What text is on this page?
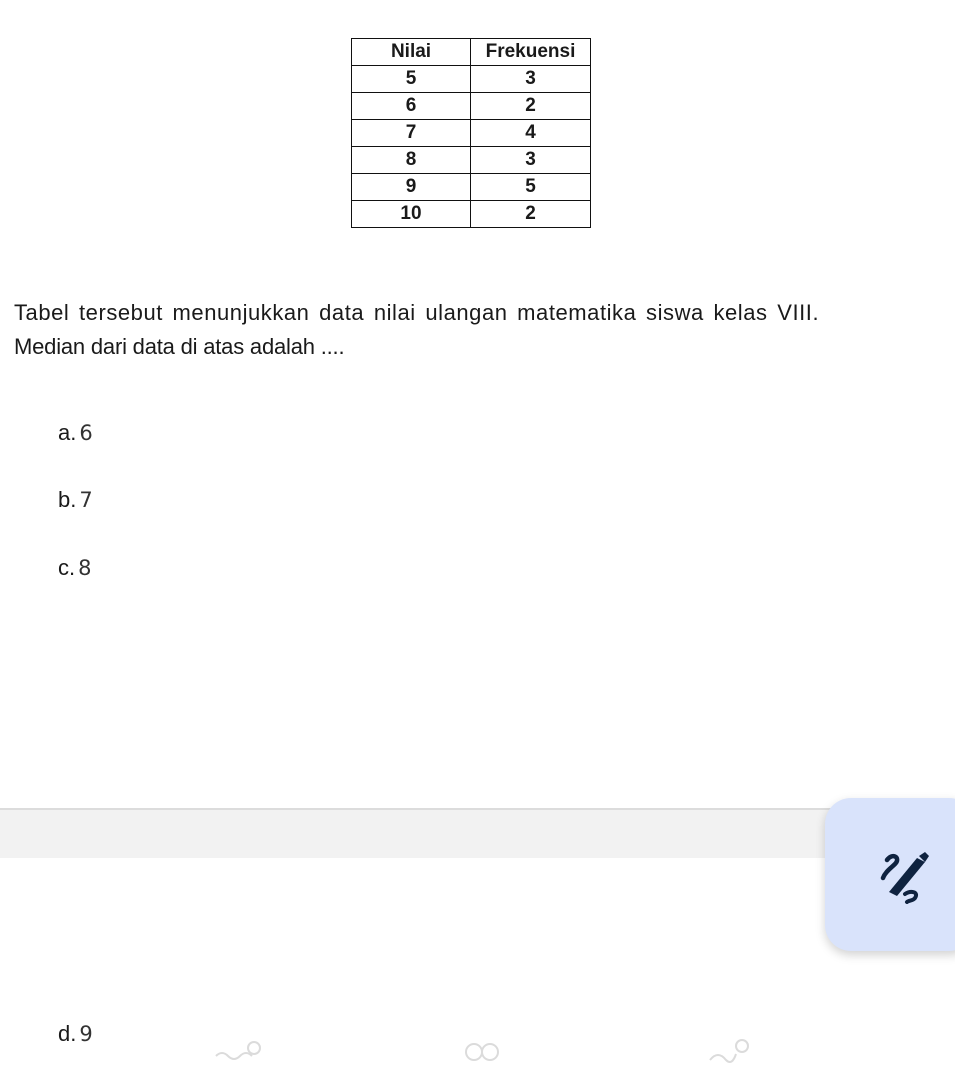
Nilai	Frekuensi
5	3
6	2
7	4
8	3
9	5
10	2
Tabel tersebut menunjukkan data nilai ulangan matematika siswa kelas VIII.
Median dari data di atas adalah ....
a. 6
b. 7
c. 8
d. 9
